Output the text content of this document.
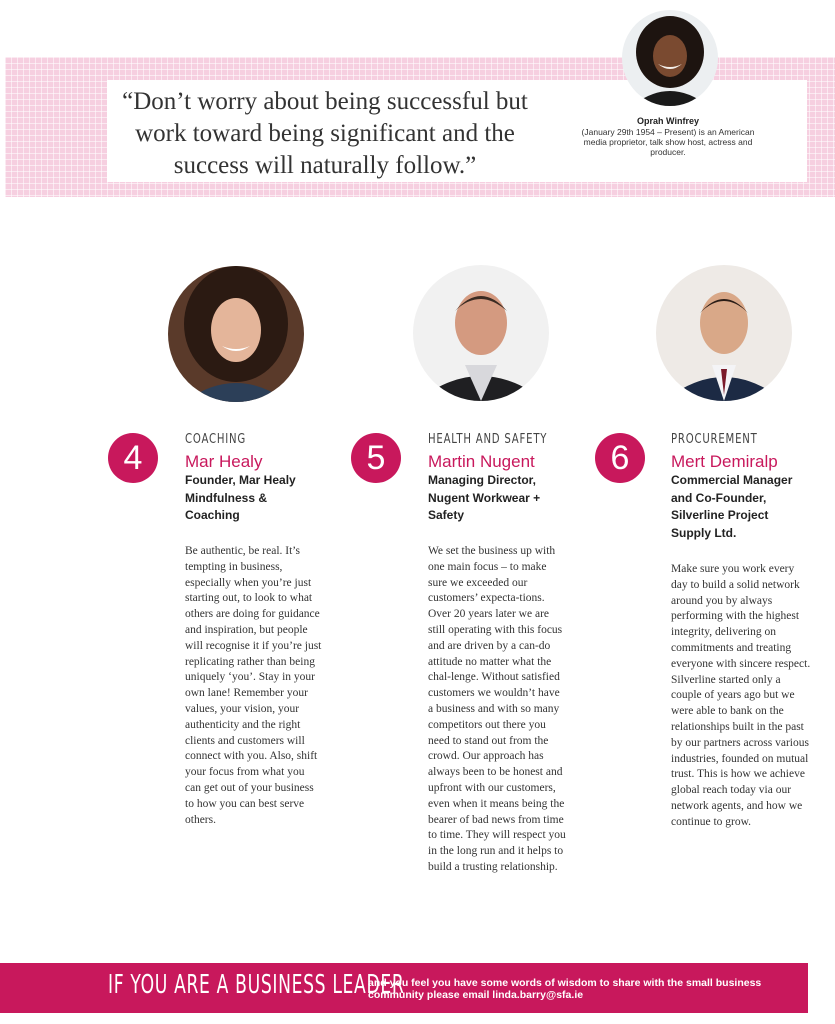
“Don’t worry about being successful but work toward being significant and the success will naturally follow.”
Oprah Winfrey
(January 29th 1954 – Present) is an American media proprietor, talk show host, actress and producer.
4	COACHING
Mar Healy
Founder, Mar Healy Mindfulness & Coaching
Be authentic, be real. It’s tempting in business, especially when you’re just starting out, to look to what others are doing for guidance and inspiration, but people will recognise it if you’re just replicating rather than being uniquely ‘you’. Stay in your own lane! Remember your values, your vision, your authenticity and the right clients and customers will connect with you. Also, shift your focus from what you can get out of your business to how you can best serve others.
5	HEALTH AND SAFETY
Martin Nugent
Managing Director, Nugent Workwear + Safety
We set the business up with one main focus – to make sure we exceeded our customers’ expecta-tions. Over 20 years later we are still operating with this focus and are driven by a can-do attitude no matter what the chal-lenge. Without satisfied customers we wouldn’t have a business and with so many competitors out there you need to stand out from the crowd. Our approach has always been to be honest and upfront with our customers, even when it means being the bearer of bad news from time to time. They will respect you in the long run and it helps to build a trusting relationship.
6	PROCUREMENT
Mert Demiralp
Commercial Manager and Co-Founder, Silverline Project Supply Ltd.
Make sure you work every day to build a solid network around you by always performing with the highest integrity, delivering on commitments and treating everyone with sincere respect. Silverline started only a couple of years ago but we were able to bank on the relationships built in the past by our partners across various industries, founded on mutual trust. This is how we achieve global reach today via our network agents, and how we continue to grow.
IF YOU ARE A BUSINESS LEADER
and you feel you have some words of wisdom to share with the small business community please email linda.barry@sfa.ie
